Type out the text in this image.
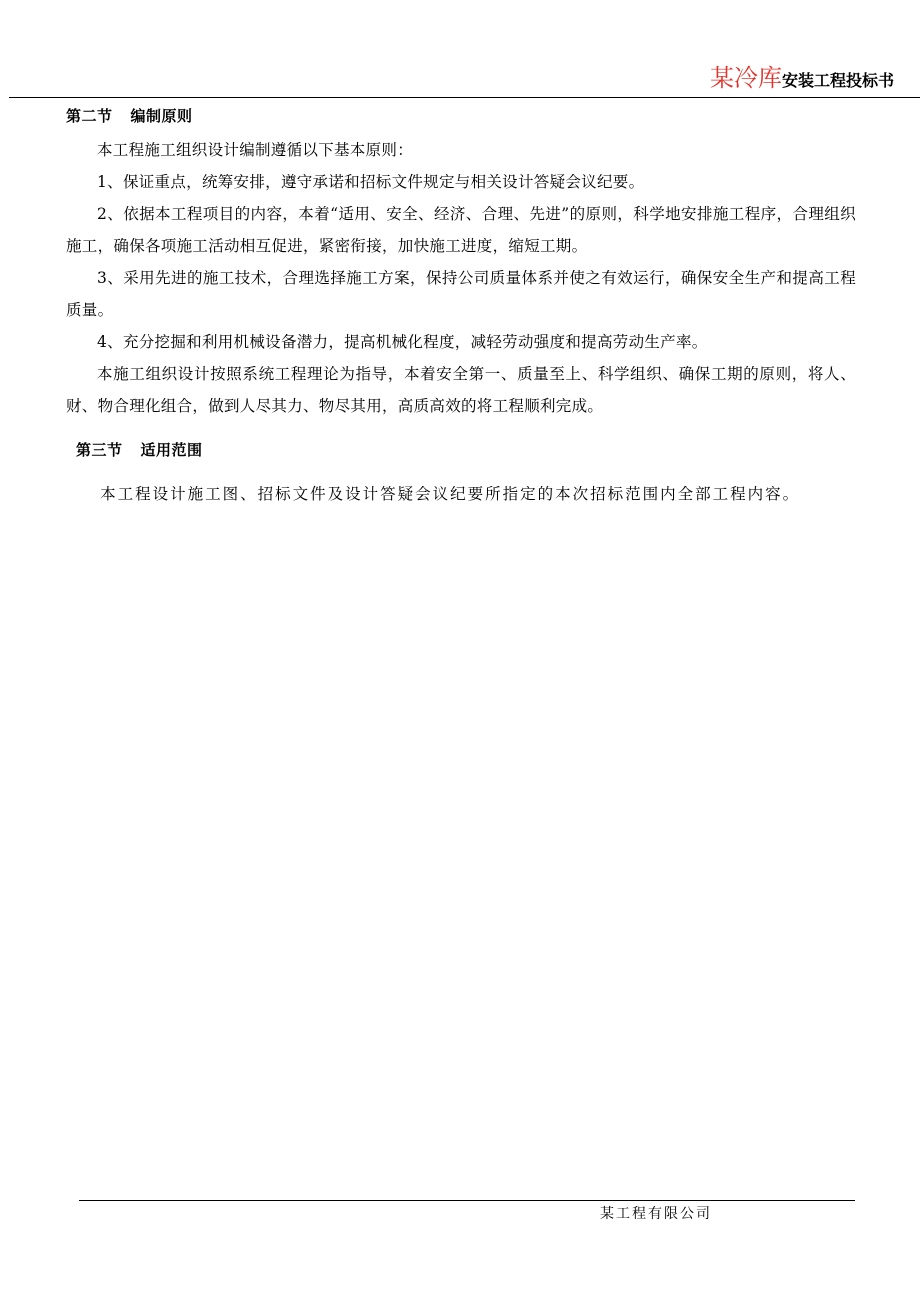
某冷库安装工程投标书
第二节 编制原则

本工程施工组织设计编制遵循以下基本原则：

1、保证重点，统筹安排，遵守承诺和招标文件规定与相关设计答疑会议纪要。

2、依据本工程项目的内容，本着“适用、安全、经济、合理、先进”的原则，科学地安排施工程序，合理组织施工，确保各项施工活动相互促进，紧密衔接，加快施工进度，缩短工期。

3、采用先进的施工技术，合理选择施工方案，保持公司质量体系并使之有效运行，确保安全生产和提高工程质量。

4、充分挖掘和利用机械设备潜力，提高机械化程度，减轻劳动强度和提高劳动生产率。

本施工组织设计按照系统工程理论为指导，本着安全第一、质量至上、科学组织、确保工期的原则，将人、财、物合理化组合，做到人尽其力、物尽其用，高质高效的将工程顺利完成。

第三节 适用范围

本工程设计施工图、招标文件及设计答疑会议纪要所指定的本次招标范围内全部工程内容。

某工程有限公司
